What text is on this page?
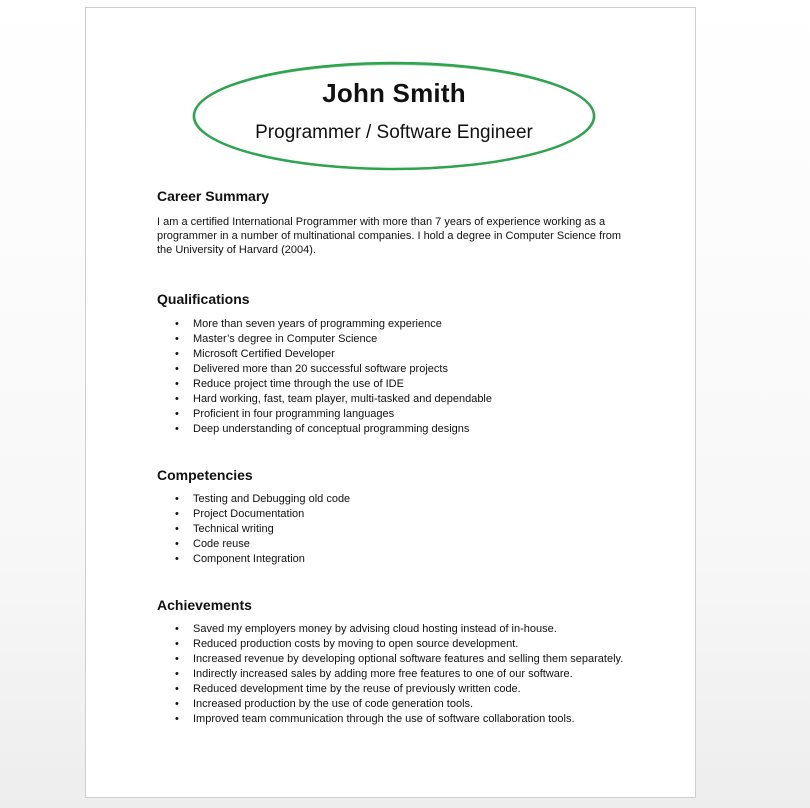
John Smith
Programmer / Software Engineer
Career Summary

I am a certified International Programmer with more than 7 years of experience working as a programmer in a number of multinational companies. I hold a degree in Computer Science from the University of Harvard (2004).

Qualifications
• More than seven years of programming experience
• Master’s degree in Computer Science
• Microsoft Certified Developer
• Delivered more than 20 successful software projects
• Reduce project time through the use of IDE
• Hard working, fast, team player, multi-tasked and dependable
• Proficient in four programming languages
• Deep understanding of conceptual programming designs
Competencies
• Testing and Debugging old code
• Project Documentation
• Technical writing
• Code reuse
• Component Integration
Achievements
• Saved my employers money by advising cloud hosting instead of in-house.
• Reduced production costs by moving to open source development.
• Increased revenue by developing optional software features and selling them separately.
• Indirectly increased sales by adding more free features to one of our software.
• Reduced development time by the reuse of previously written code.
• Increased production by the use of code generation tools.
• Improved team communication through the use of software collaboration tools.
